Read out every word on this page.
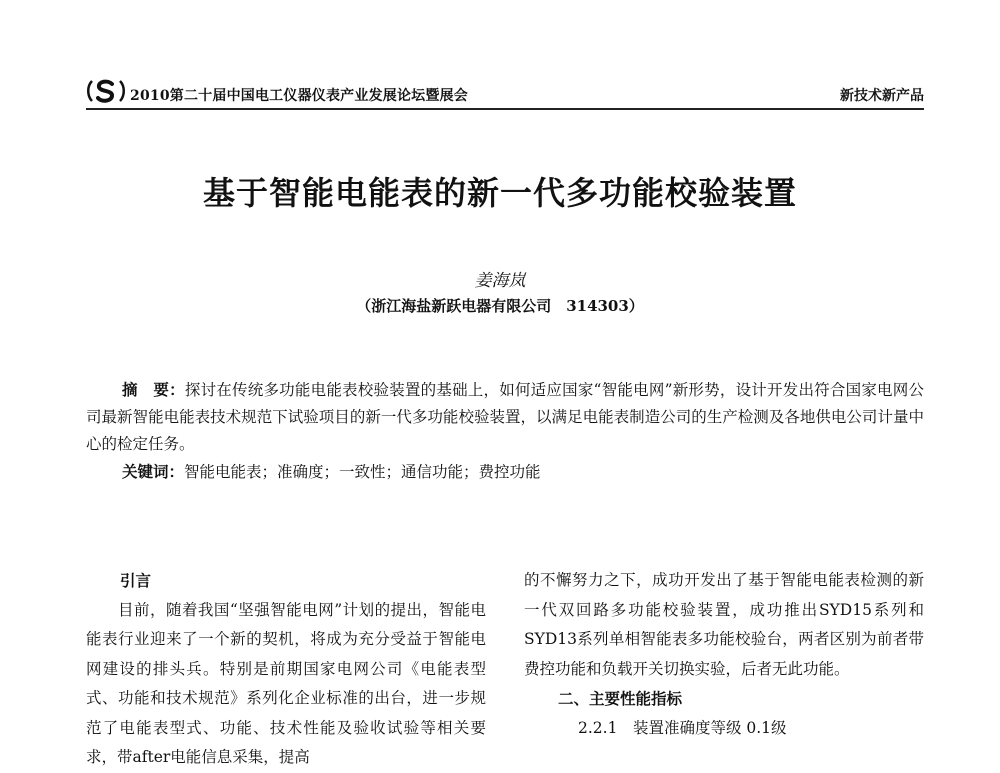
2010第二十届中国电工仪器仪表产业发展论坛暨展会	新技术新产品
基于智能电能表的新一代多功能校验装置
姜海岚
（浙江海盐新跃电器有限公司　314303）
摘　要：探讨在传统多功能电能表校验装置的基础上，如何适应国家“智能电网”新形势，设计开发出符合国家电网公司最新智能电能表技术规范下试验项目的新一代多功能校验装置，以满足电能表制造公司的生产检测及各地供电公司计量中心的检定任务。
关键词：智能电能表；准确度；一致性；通信功能；费控功能

引言

目前，随着我国“坚强智能电网”计划的提出，智能电能表行业迎来了一个新的契机，将成为充分受益于智能电网建设的排头兵。特别是前期国家电网公司《电能表型式、功能和技术规范》系列化企业标准的出台，进一步规范了电能表型式、功能、技术性能及验收试验等相关要求，带after电能信息采集，提高

的不懈努力之下，成功开发出了基于智能电能表检测的新一代双回路多功能校验装置，成功推出SYD15系列和SYD13系列单相智能表多功能校验台，两者区别为前者带费控功能和负载开关切换实验，后者无此功能。

二、主要性能指标

2.2.1　装置准确度等级 0.1级
